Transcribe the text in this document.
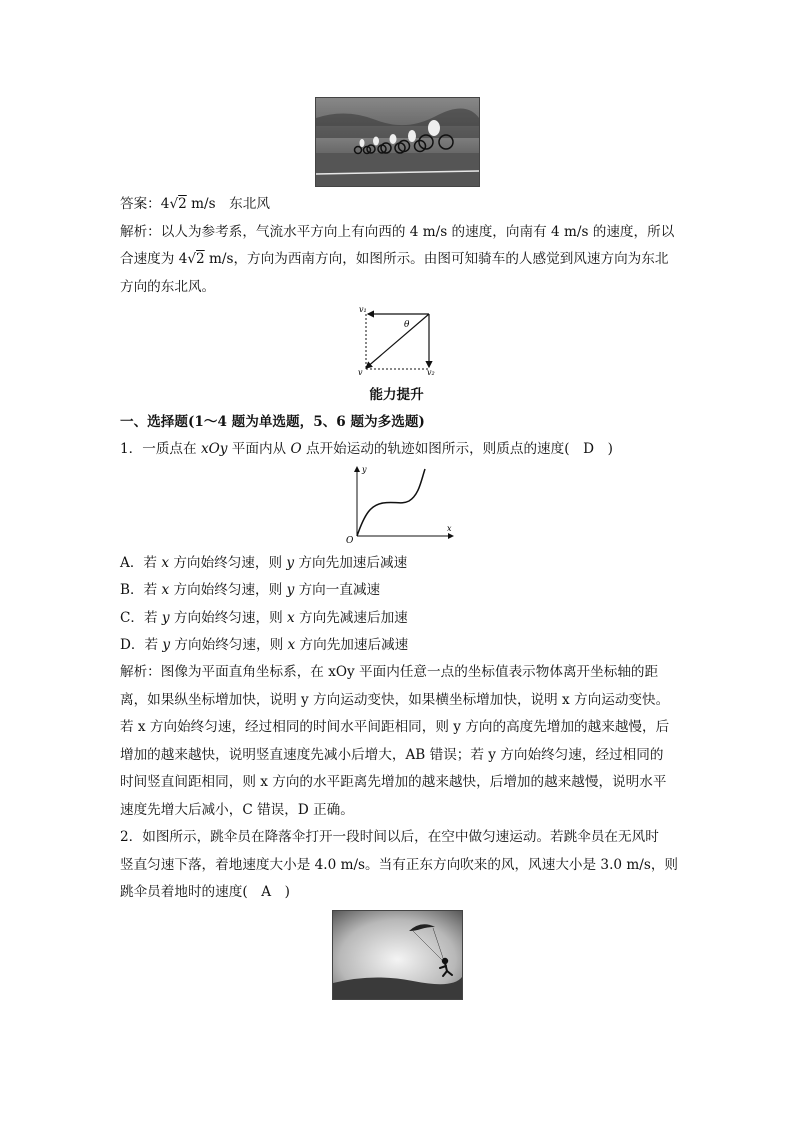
答案：4√2 m/s  东北风
解析：以人为参考系，气流水平方向上有向西的 4 m/s 的速度，向南有 4 m/s 的速度，所以
合速度为 4√2 m/s，方向为西南方向，如图所示。由图可知骑车的人感觉到风速方向为东北
方向的东北风。
v₁
v₂
v
θ
能力提升
一、选择题(1～4 题为单选题，5、6 题为多选题)
1．一质点在 xOy 平面内从 O 点开始运动的轨迹如图所示，则质点的速度(　D　)
x
y
O
A．若 x 方向始终匀速，则 y 方向先加速后减速
B．若 x 方向始终匀速，则 y 方向一直减速
C．若 y 方向始终匀速，则 x 方向先减速后加速
D．若 y 方向始终匀速，则 x 方向先加速后减速
解析：图像为平面直角坐标系，在 xOy 平面内任意一点的坐标值表示物体离开坐标轴的距
离，如果纵坐标增加快，说明 y 方向运动变快，如果横坐标增加快，说明 x 方向运动变快。
若 x 方向始终匀速，经过相同的时间水平间距相同，则 y 方向的高度先增加的越来越慢，后
增加的越来越快，说明竖直速度先减小后增大，AB 错误；若 y 方向始终匀速，经过相同的
时间竖直间距相同，则 x 方向的水平距离先增加的越来越快，后增加的越来越慢，说明水平
速度先增大后减小，C 错误，D 正确。
2．如图所示，跳伞员在降落伞打开一段时间以后，在空中做匀速运动。若跳伞员在无风时
竖直匀速下落，着地速度大小是 4.0 m/s。当有正东方向吹来的风，风速大小是 3.0 m/s，则
跳伞员着地时的速度(　A　)
